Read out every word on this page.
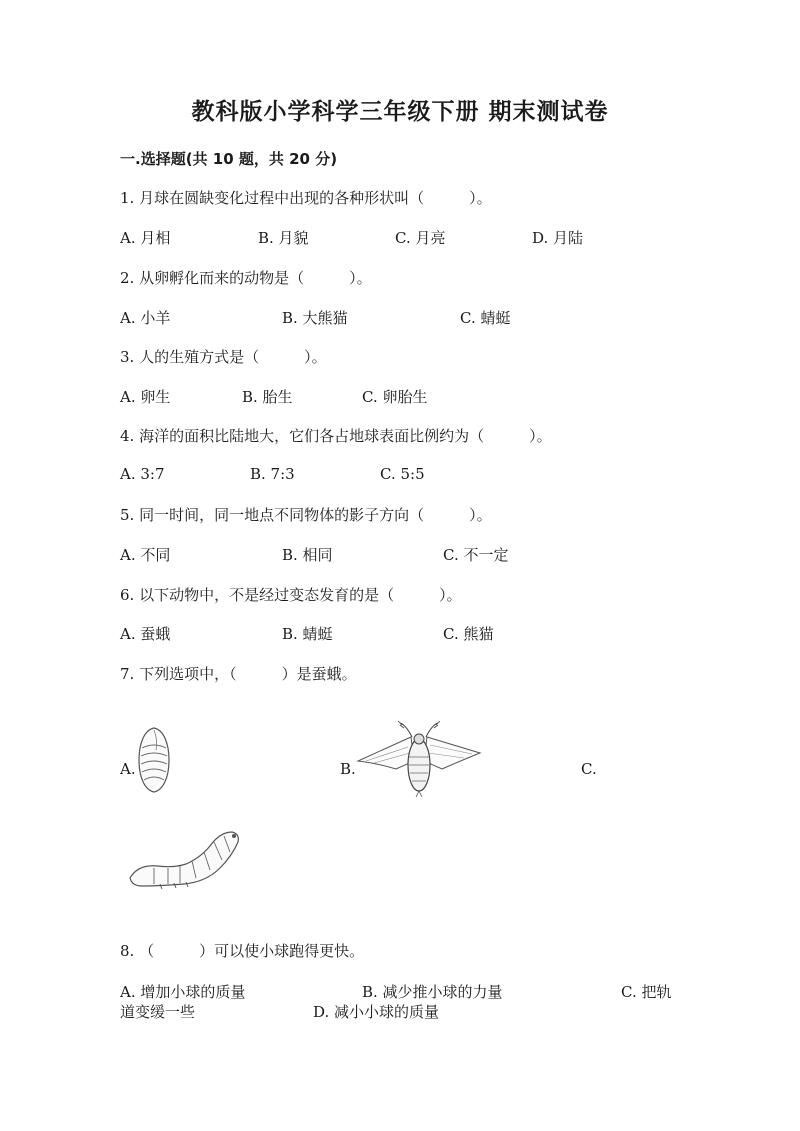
教科版小学科学三年级下册 期末测试卷
一.选择题(共 10 题，共 20 分)
1. 月球在圆缺变化过程中出现的各种形状叫（　　　）。
A. 月相	B. 月貌	C. 月亮	D. 月陆
2. 从卵孵化而来的动物是（　　　）。
A. 小羊	B. 大熊猫	C. 蜻蜓
3. 人的生殖方式是（　　　）。
A. 卵生	B. 胎生	C. 卵胎生
4. 海洋的面积比陆地大，它们各占地球表面比例约为（　　　）。
A. 3:7	B. 7:3	C. 5:5
5. 同一时间，同一地点不同物体的影子方向（　　　）。
A. 不同	B. 相同	C. 不一定
6. 以下动物中，不是经过变态发育的是（　　　）。
A. 蚕蛾	B. 蜻蜓	C. 熊猫
7. 下列选项中，（　　　）是蚕蛾。
A.	B.	C.
8. （　　　）可以使小球跑得更快。
A. 增加小球的质量	B. 减少推小球的力量	C. 把轨
道变缓一些	D. 减小小球的质量
